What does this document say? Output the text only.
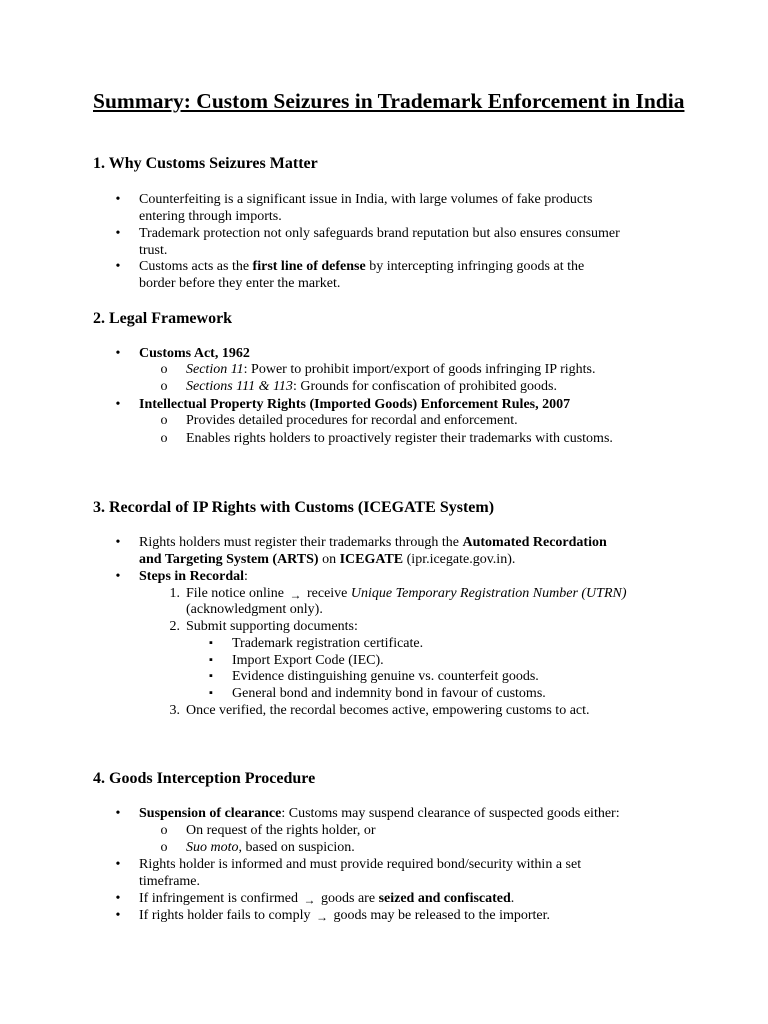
Summary: Custom Seizures in Trademark Enforcement in India
1. Why Customs Seizures Matter
• Counterfeiting is a significant issue in India, with large volumes of fake products
entering through imports.
• Trademark protection not only safeguards brand reputation but also ensures consumer
trust.
• Customs acts as the first line of defense by intercepting infringing goods at the
border before they enter the market.
2. Legal Framework
• Customs Act, 1962
o Section 11: Power to prohibit import/export of goods infringing IP rights.
o Sections 111 & 113: Grounds for confiscation of prohibited goods.
• Intellectual Property Rights (Imported Goods) Enforcement Rules, 2007
o Provides detailed procedures for recordal and enforcement.
o Enables rights holders to proactively register their trademarks with customs.
3. Recordal of IP Rights with Customs (ICEGATE System)
• Rights holders must register their trademarks through the Automated Recordation
and Targeting System (ARTS) on ICEGATE (ipr.icegate.gov.in).
• Steps in Recordal:
1. File notice online → receive Unique Temporary Registration Number (UTRN)
(acknowledgment only).
2. Submit supporting documents:
▪ Trademark registration certificate.
▪ Import Export Code (IEC).
▪ Evidence distinguishing genuine vs. counterfeit goods.
▪ General bond and indemnity bond in favour of customs.
3. Once verified, the recordal becomes active, empowering customs to act.
4. Goods Interception Procedure
• Suspension of clearance: Customs may suspend clearance of suspected goods either:
o On request of the rights holder, or
o Suo moto, based on suspicion.
• Rights holder is informed and must provide required bond/security within a set
timeframe.
• If infringement is confirmed → goods are seized and confiscated.
• If rights holder fails to comply → goods may be released to the importer.
